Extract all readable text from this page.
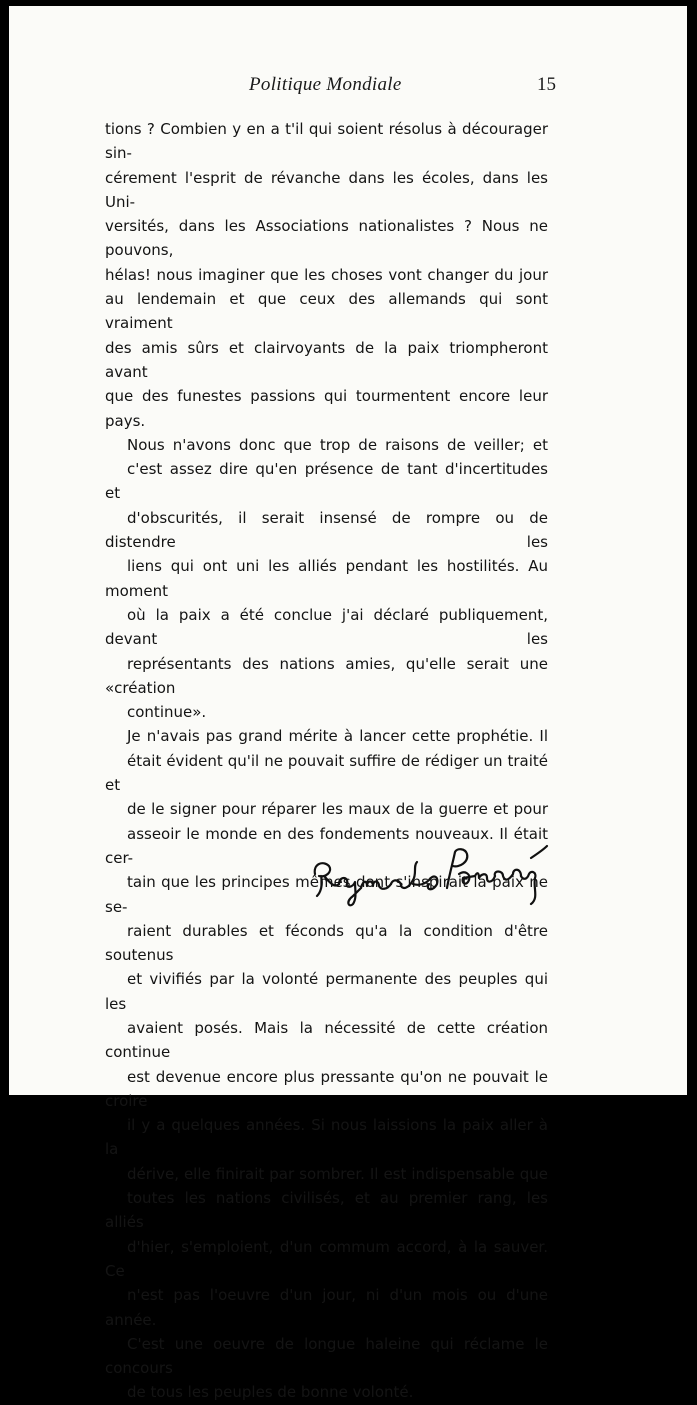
Politique Mondiale	15

tions ? Combien y en a t'il qui soient résolus à décourager sin-
cérement l'esprit de révanche dans les écoles, dans les Uni-
versités, dans les Associations nationalistes ? Nous ne pouvons,
hélas! nous imaginer que les choses vont changer du jour
au lendemain et que ceux des allemands qui sont vraiment
des amis sûrs et clairvoyants de la paix triompheront avant
que des funestes passions qui tourmentent encore leur pays.

Nous n'avons donc que trop de raisons de veiller; et
c'est assez dire qu'en présence de tant d'incertitudes et
d'obscurités, il serait insensé de rompre ou de distendre les
liens qui ont uni les alliés pendant les hostilités. Au moment
où la paix a été conclue j'ai déclaré publiquement, devant les
représentants des nations amies, qu'elle serait une «création
continue».

Je n'avais pas grand mérite à lancer cette prophétie. Il
était évident qu'il ne pouvait suffire de rédiger un traité et
de le signer pour réparer les maux de la guerre et pour
asseoir le monde en des fondements nouveaux. Il était cer-
tain que les principes mêmes dont s'inspirait la paix ne se-
raient durables et féconds qu'a la condition d'être soutenus
et vivifiés par la volonté permanente des peuples qui les
avaient posés. Mais la nécessité de cette création continue
est devenue encore plus pressante qu'on ne pouvait le croire
il y a quelques années. Si nous laissions la paix aller à la
dérive, elle finirait par sombrer. Il est indispensable que
toutes les nations civilisés, et au premier rang, les alliés
d'hier, s'emploient, d'un commum accord, à la sauver. Ce
n'est pas l'oeuvre d'un jour, ni d'un mois ou d'une année.
C'est une oeuvre de longue haleine qui réclame le concours
de tous les peuples de bonne volonté.
